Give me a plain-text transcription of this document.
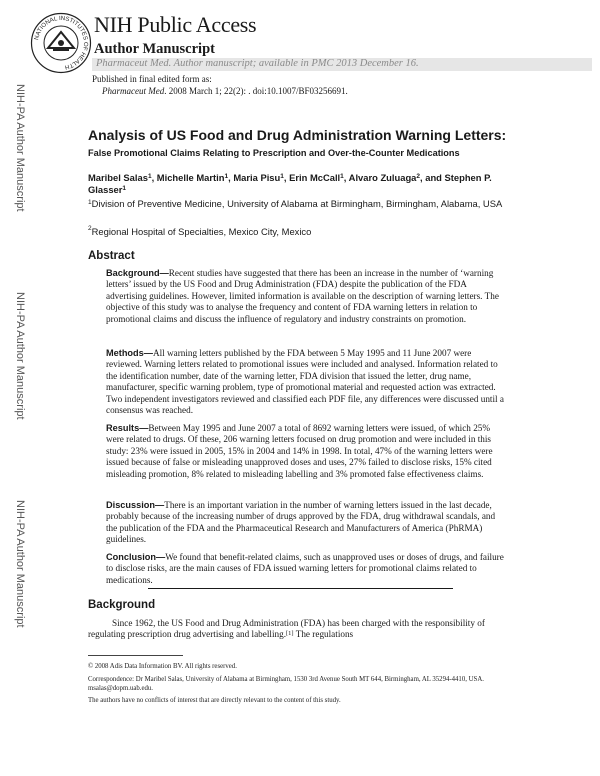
NATIONAL INSTITUTES OF HEALTH
NIH Public Access
Author Manuscript
Pharmaceut Med. Author manuscript; available in PMC 2013 December 16.
Published in final edited form as:
Pharmaceut Med. 2008 March 1; 22(2): . doi:10.1007/BF03256691.
NIH-PA Author Manuscript
NIH-PA Author Manuscript
NIH-PA Author Manuscript
Analysis of US Food and Drug Administration Warning Letters:
False Promotional Claims Relating to Prescription and Over-the-Counter Medications
Maribel Salas$^1$, Michelle Martin$^1$, Maria Pisu$^1$, Erin McCall$^1$, Alvaro Zuluaga$^2$, and Stephen P. Glasser$^1$
$^1$Division of Preventive Medicine, University of Alabama at Birmingham, Birmingham, Alabama, USA
$^2$Regional Hospital of Specialties, Mexico City, Mexico
Abstract
Background—Recent studies have suggested that there has been an increase in the number of ‘warning letters’ issued by the US Food and Drug Administration (FDA) despite the publication of the FDA advertising guidelines. However, limited information is available on the description of warning letters. The objective of this study was to analyse the frequency and content of FDA warning letters in relation to promotional claims and discuss the influence of regulatory and industry constraints on promotion.
Methods—All warning letters published by the FDA between 5 May 1995 and 11 June 2007 were reviewed. Warning letters related to promotional issues were included and analysed. Information related to the identification number, date of the warning letter, FDA division that issued the letter, drug name, manufacturer, specific warning problem, type of promotional material and requested action was extracted. Two independent investigators reviewed and classified each PDF file, any differences were discussed until a consensus was reached.
Results—Between May 1995 and June 2007 a total of 8692 warning letters were issued, of which 25% were related to drugs. Of these, 206 warning letters focused on drug promotion and were included in this study: 23% were issued in 2005, 15% in 2004 and 14% in 1998. In total, 47% of the warning letters were issued because of false or misleading unapproved doses and uses, 27% failed to disclose risks, 15% cited misleading promotion, 8% related to misleading labelling and 3% promoted false effectiveness claims.
Discussion—There is an important variation in the number of warning letters issued in the last decade, probably because of the increasing number of drugs approved by the FDA, drug withdrawal scandals, and the publication of the FDA and the Pharmaceutical Research and Manufacturers of America (PhRMA) guidelines.
Conclusion—We found that benefit-related claims, such as unapproved uses or doses of drugs, and failure to disclose risks, are the main causes of FDA issued warning letters for promotional claims related to medications.
Background
Since 1962, the US Food and Drug Administration (FDA) has been charged with the responsibility of regulating prescription drug advertising and labelling.[1] The regulations
© 2008 Adis Data Information BV. All rights reserved.
Correspondence: Dr Maribel Salas, University of Alabama at Birmingham, 1530 3rd Avenue South MT 644, Birmingham, AL 35294-4410, USA. msalas@dopm.uab.edu.
The authors have no conflicts of interest that are directly relevant to the content of this study.
